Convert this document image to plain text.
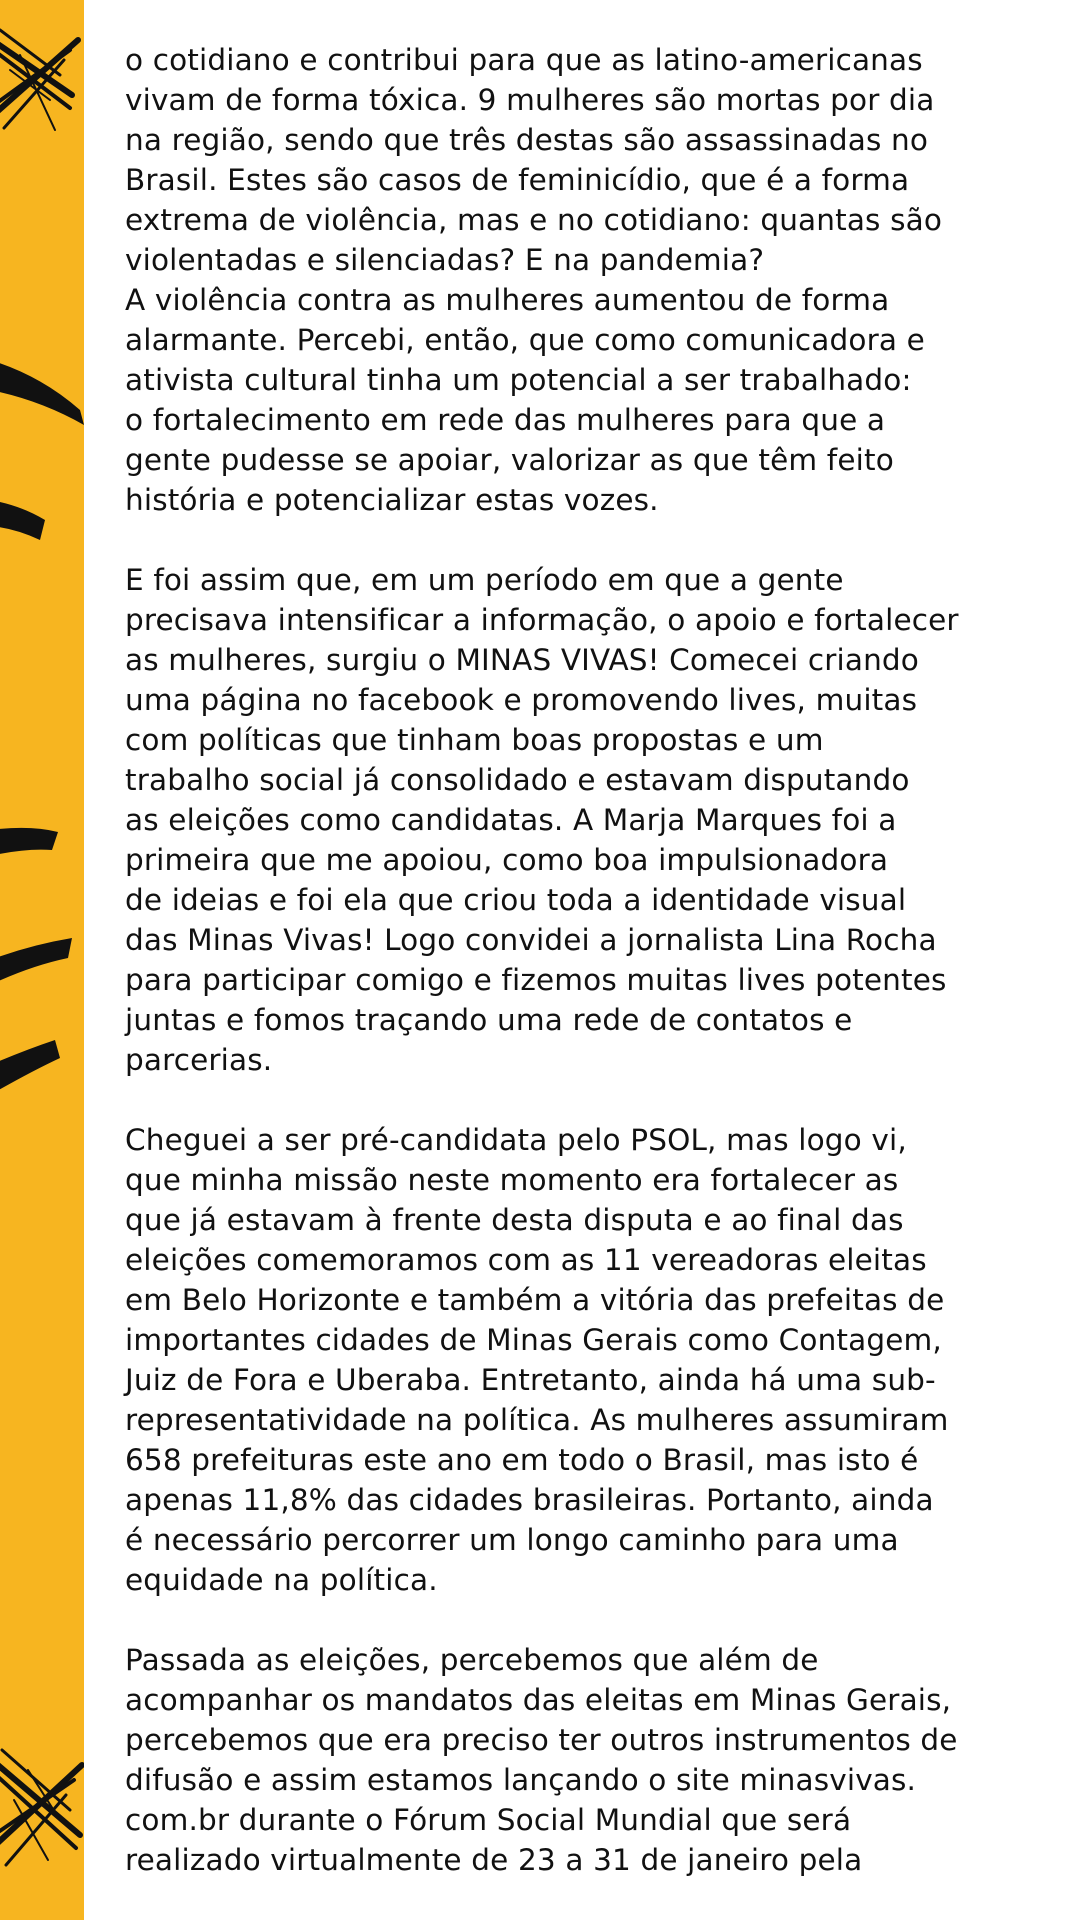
o cotidiano e contribui para que as latino-americanas
vivam de forma tóxica. 9 mulheres são mortas por dia
na região, sendo que três destas são assassinadas no
Brasil. Estes são casos de feminicídio, que é a forma
extrema de violência, mas e no cotidiano: quantas são
violentadas e silenciadas? E na pandemia?
A violência contra as mulheres aumentou de forma
alarmante. Percebi, então, que como comunicadora e
ativista cultural tinha um potencial a ser trabalhado:
o fortalecimento em rede das mulheres para que a
gente pudesse se apoiar, valorizar as que têm feito
história e potencializar estas vozes.
E foi assim que, em um período em que a gente
precisava intensificar a informação, o apoio e fortalecer
as mulheres, surgiu o MINAS VIVAS! Comecei criando
uma página no facebook e promovendo lives, muitas
com políticas que tinham boas propostas e um
trabalho social já consolidado e estavam disputando
as eleições como candidatas. A Marja Marques foi a
primeira que me apoiou, como boa impulsionadora
de ideias e foi ela que criou toda a identidade visual
das Minas Vivas! Logo convidei a jornalista Lina Rocha
para participar comigo e fizemos muitas lives potentes
juntas e fomos traçando uma rede de contatos e
parcerias.
Cheguei a ser pré-candidata pelo PSOL, mas logo vi,
que minha missão neste momento era fortalecer as
que já estavam à frente desta disputa e ao final das
eleições comemoramos com as 11 vereadoras eleitas
em Belo Horizonte e também a vitória das prefeitas de
importantes cidades de Minas Gerais como Contagem,
Juiz de Fora e Uberaba. Entretanto, ainda há uma sub-
representatividade na política. As mulheres assumiram
658 prefeituras este ano em todo o Brasil, mas isto é
apenas 11,8% das cidades brasileiras. Portanto, ainda
é necessário percorrer um longo caminho para uma
equidade na política.
Passada as eleições, percebemos que além de
acompanhar os mandatos das eleitas em Minas Gerais,
percebemos que era preciso ter outros instrumentos de
difusão e assim estamos lançando o site minasvivas.
com.br durante o Fórum Social Mundial que será
realizado virtualmente de 23 a 31 de janeiro pela
